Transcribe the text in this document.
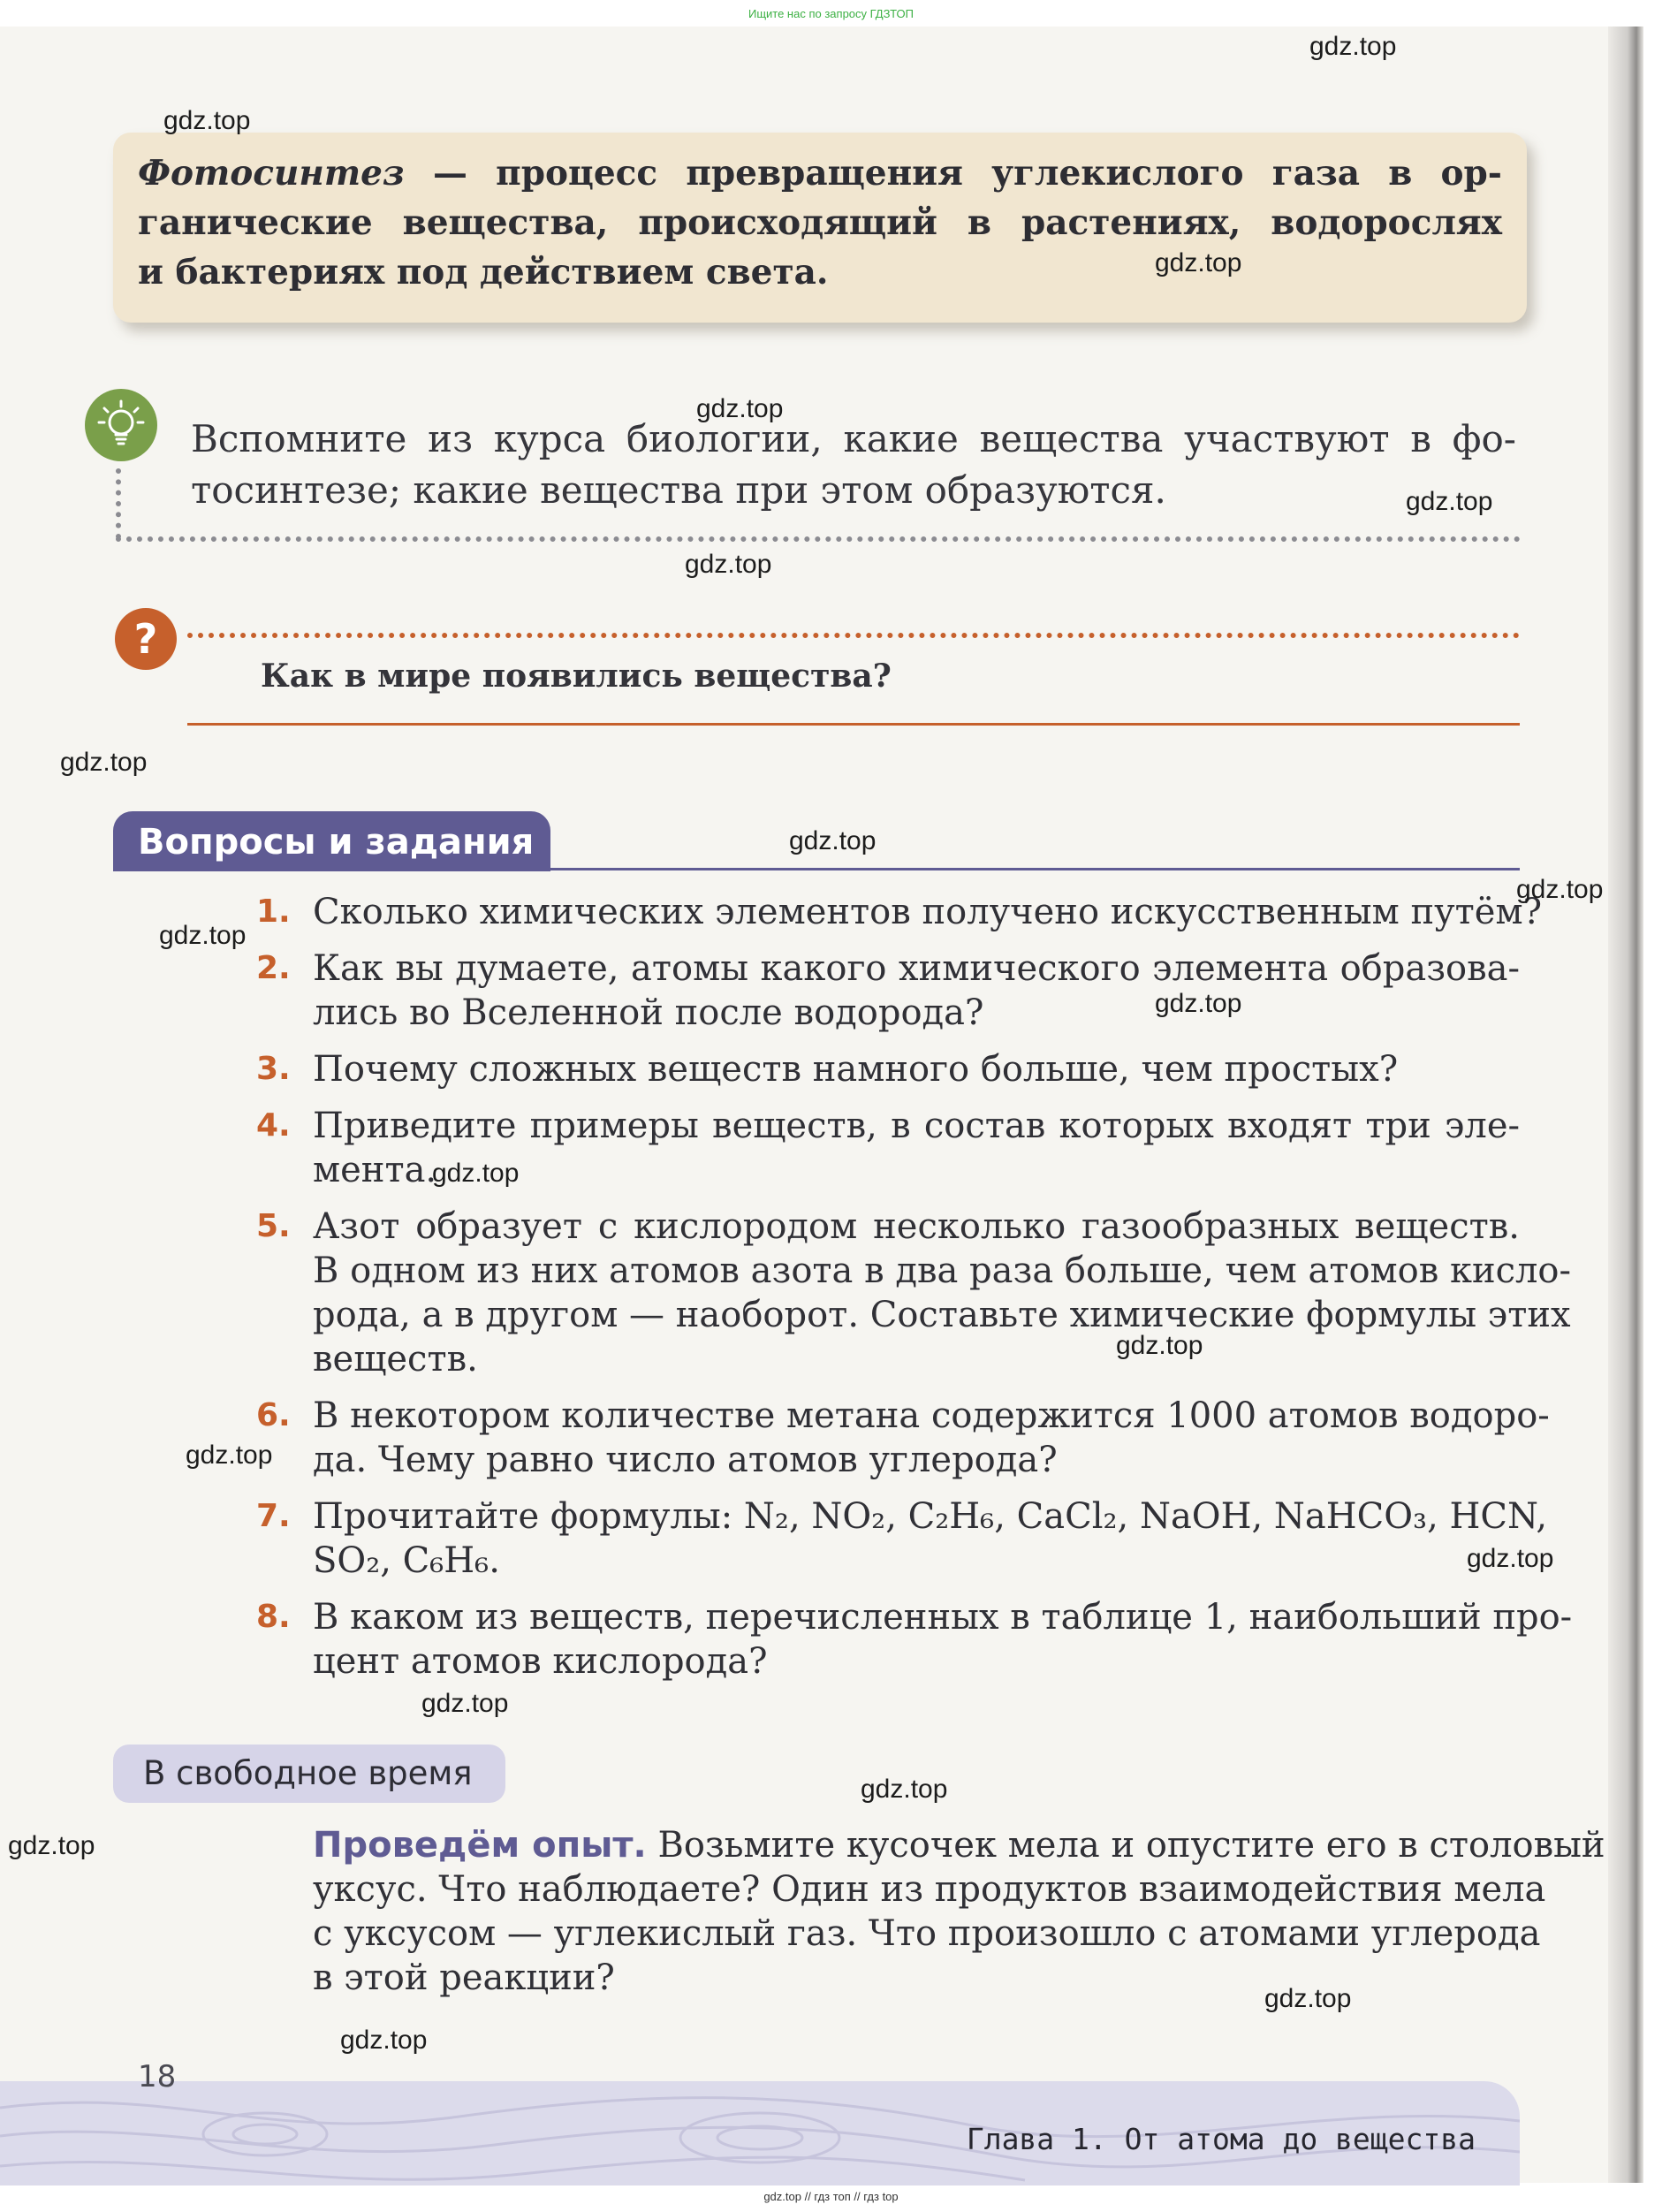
Ищите нас по запросу ГДЗТОП
Фотосинтез — процесс превращения углекислого газа в ор-
ганические вещества, происходящий в растениях, водорослях
и бактериях под действием света.
Вспомните из курса биологии, какие вещества участвуют в фо-
тосинтезе; какие вещества при этом образуются.
?
Как в мире появились вещества?
Вопросы и задания
1. Сколько химических элементов получено искусственным путём?
2. Как вы думаете, атомы какого химического элемента образова-
лись во Вселенной после водорода?
3. Почему сложных веществ намного больше, чем простых?
4. Приведите примеры веществ, в состав которых входят три эле-
мента.
5. Азот образует с кислородом несколько газообразных веществ.
В одном из них атомов азота в два раза больше, чем атомов кисло-
рода, а в другом — наоборот. Составьте химические формулы этих
веществ.
6. В некотором количестве метана содержится 1000 атомов водоро-
да. Чему равно число атомов углерода?
7. Прочитайте формулы: N₂, NO₂, C₂H₆, CaCl₂, NaOH, NaHCO₃, HCN,
SO₂, C₆H₆.
8. В каком из веществ, перечисленных в таблице 1, наибольший про-
цент атомов кислорода?
В свободное время
Проведём опыт. Возьмите кусочек мела и опустите его в столовый
уксус. Что наблюдаете? Один из продуктов взаимодействия мела
с уксусом — углекислый газ. Что произошло с атомами углерода
в этой реакции?
Глава 1. От атома до вещества
18
gdz.top
gdz.top
gdz.top
gdz.top
gdz.top
gdz.top
gdz.top
gdz.top
gdz.top
gdz.top
gdz.top
gdz.top
gdz.top
gdz.top
gdz.top
gdz.top
gdz.top
gdz.top
gdz.top
gdz.top
gdz.top // гдз топ // гдз top
